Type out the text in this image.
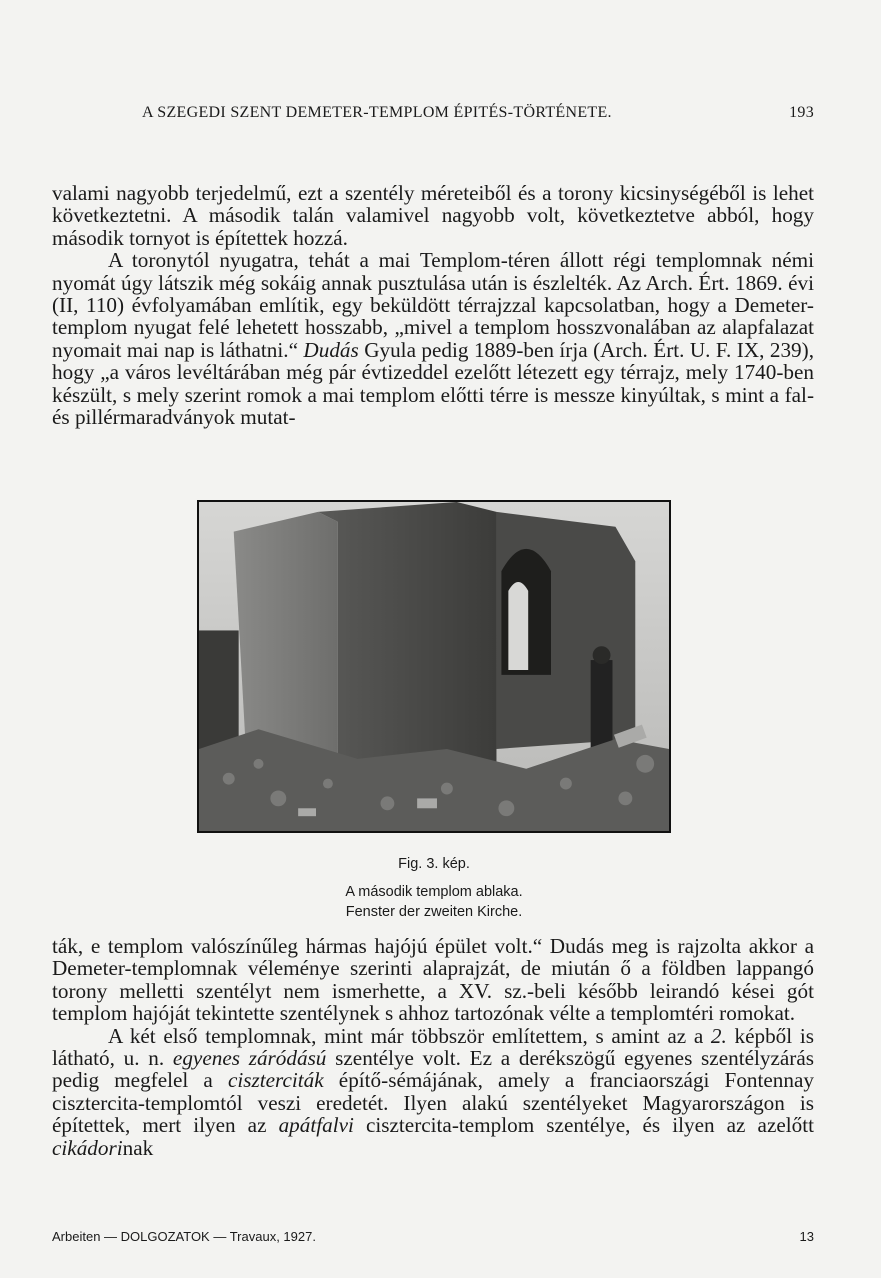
A SZEGEDI SZENT DEMETER-TEMPLOM ÉPITÉS-TÖRTÉNETE.	193

valami nagyobb terjedelmű, ezt a szentély méreteiből és a torony kicsinységéből is lehet következtetni. A második talán valamivel nagyobb volt, következtetve abból, hogy második tornyot is építettek hozzá.

A toronytól nyugatra, tehát a mai Templom-téren állott régi templomnak némi nyomát úgy látszik még sokáig annak pusztulása után is észlelték. Az Arch. Ért. 1869. évi (II, 110) évfolyamában említik, egy beküldött térrajzzal kapcsolatban, hogy a Demeter-templom nyugat felé lehetett hosszabb, „mivel a templom hosszvonalában az alapfalazat nyomait mai nap is láthatni.“ Dudás Gyula pedig 1889-ben írja (Arch. Ért. U. F. IX, 239), hogy „a város levéltárában még pár évtizeddel ezelőtt létezett egy térrajz, mely 1740-ben készült, s mely szerint romok a mai templom előtti térre is messze kinyúltak, s mint a fal- és pillérmaradványok mutat-

Fig. 3. kép.
A második templom ablaka.
Fenster der zweiten Kirche.

ták, e templom valószínűleg hármas hajójú épület volt.“ Dudás meg is rajzolta akkor a Demeter-templomnak véleménye szerinti alaprajzát, de miután ő a földben lappangó torony melletti szentélyt nem ismerhette, a XV. sz.-beli később leirandó kései gót templom hajóját tekintette szentélynek s ahhoz tartozónak vélte a templomtéri romokat.

A két első templomnak, mint már többször említettem, s amint az a 2. képből is látható, u. n. egyenes záródású szentélye volt. Ez a derékszögű egyenes szentélyzárás pedig megfelel a ciszterciták építő-sémájának, amely a franciaországi Fontennay cisztercita-templomtól veszi eredetét. Ilyen alakú szentélyeket Magyarországon is építettek, mert ilyen az apátfalvi cisztercita-templom szentélye, és ilyen az azelőtt cikádorinak

Arbeiten — DOLGOZATOK — Travaux, 1927.	13
